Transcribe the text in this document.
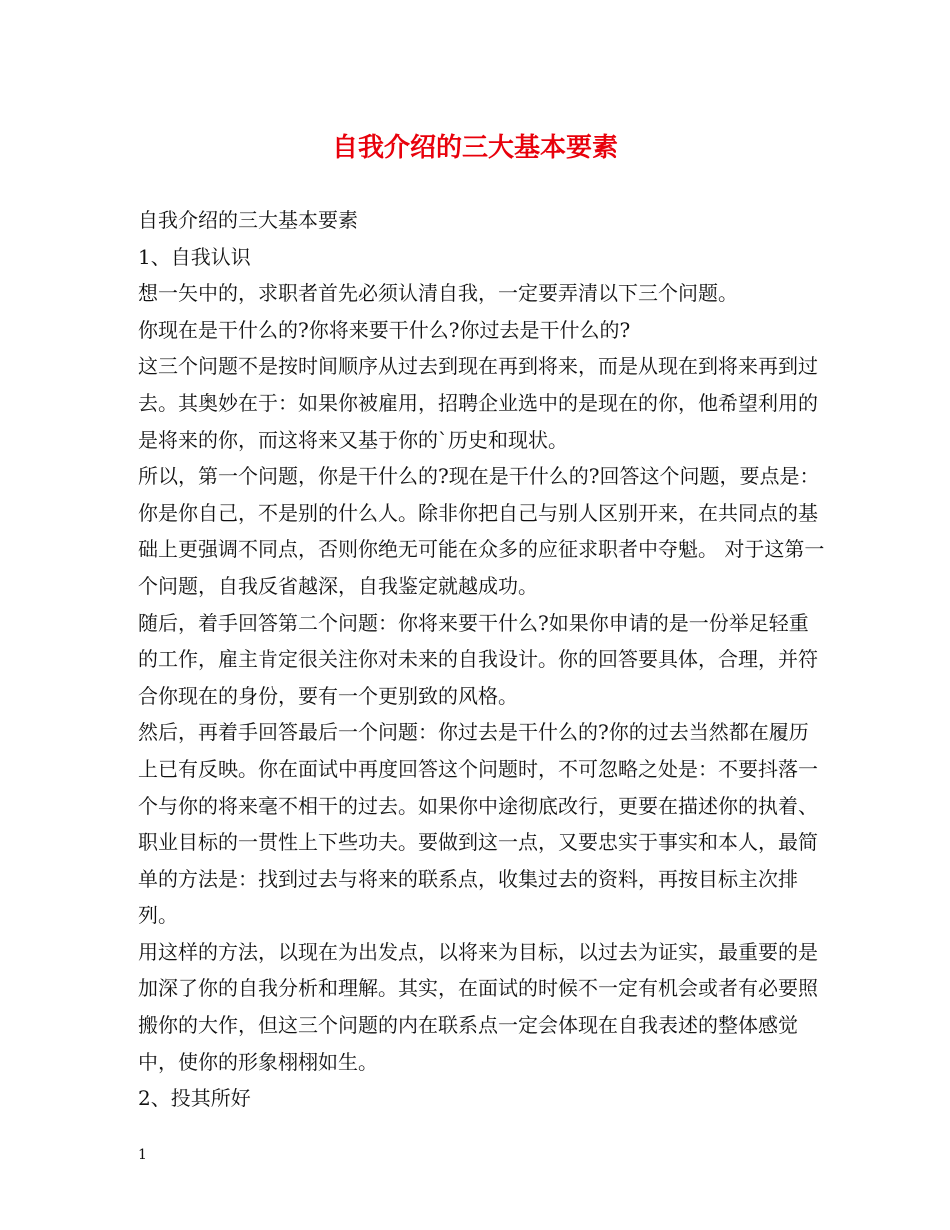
自我介绍的三大基本要素

自我介绍的三大基本要素

1、自我认识

想一矢中的，求职者首先必须认清自我，一定要弄清以下三个问题。

你现在是干什么的?你将来要干什么?你过去是干什么的?

这三个问题不是按时间顺序从过去到现在再到将来，而是从现在到将来再到过去。其奥妙在于：如果你被雇用，招聘企业选中的是现在的你，他希望利用的是将来的你，而这将来又基于你的`历史和现状。

所以，第一个问题，你是干什么的?现在是干什么的?回答这个问题，要点是：你是你自己，不是别的什么人。除非你把自己与别人区别开来，在共同点的基础上更强调不同点，否则你绝无可能在众多的应征求职者中夺魁。 对于这第一个问题，自我反省越深，自我鉴定就越成功。

随后，着手回答第二个问题：你将来要干什么?如果你申请的是一份举足轻重的工作，雇主肯定很关注你对未来的自我设计。你的回答要具体，合理，并符合你现在的身份，要有一个更别致的风格。

然后，再着手回答最后一个问题：你过去是干什么的?你的过去当然都在履历上已有反映。你在面试中再度回答这个问题时，不可忽略之处是：不要抖落一个与你的将来毫不相干的过去。如果你中途彻底改行，更要在描述你的执着、职业目标的一贯性上下些功夫。要做到这一点，又要忠实于事实和本人，最简单的方法是：找到过去与将来的联系点，收集过去的资料，再按目标主次排列。

用这样的方法，以现在为出发点，以将来为目标，以过去为证实，最重要的是加深了你的自我分析和理解。其实，在面试的时候不一定有机会或者有必要照搬你的大作，但这三个问题的内在联系点一定会体现在自我表述的整体感觉中，使你的形象栩栩如生。

2、投其所好

1
